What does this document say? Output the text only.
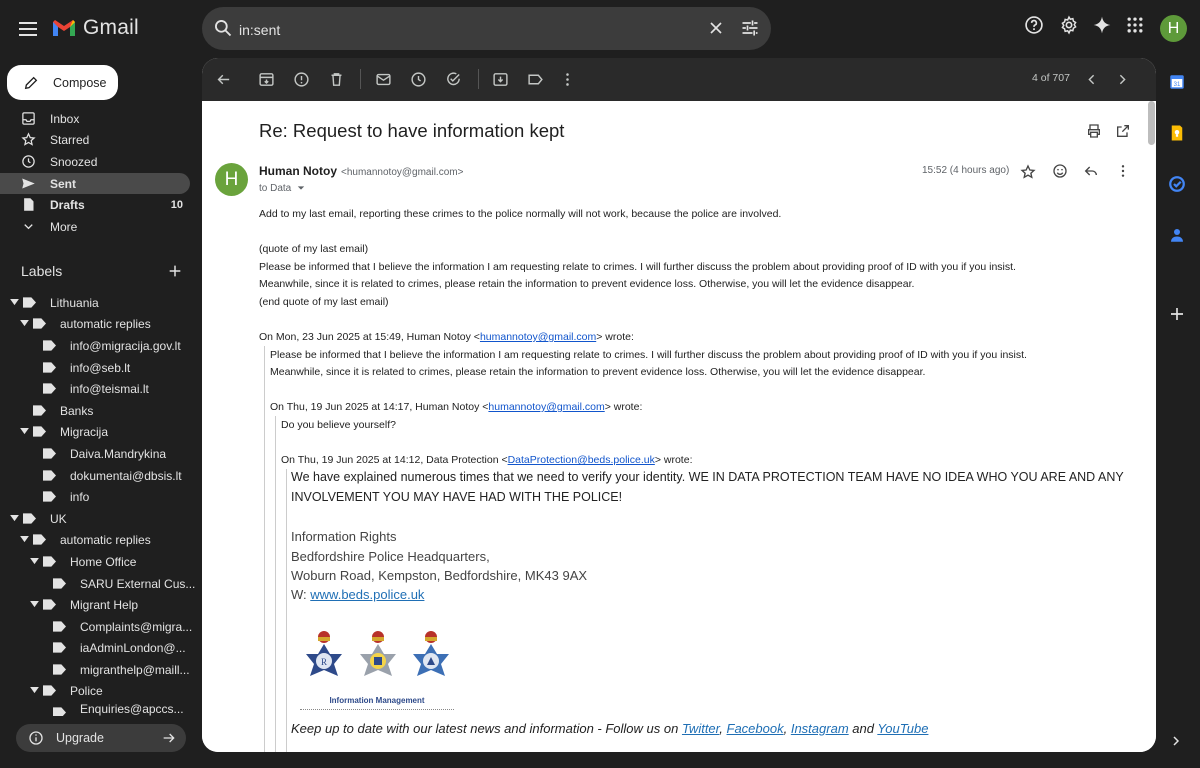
Gmail
in:sent	H
Compose
Inbox
Starred
Snoozed
Sent
Drafts	10
More
Labels
Lithuania
automatic replies
info@migracija.gov.lt
info@seb.lt
info@teismai.lt
Banks
Migracija
Daiva.Mandrykina
dokumentai@dbsis.lt
info
UK
automatic replies
Home Office
SARU External Cus...
Migrant Help
Complaints@migra...
iaAdminLondon@...
migranthelp@maill...
Police
Enquiries@apccs...
Upgrade
4 of 707
Re: Request to have information kept
H	Human Notoy <humannotoy@gmail.com>
to Data
15:52 (4 hours ago)
Add to my last email, reporting these crimes to the police normally will not work, because the police are involved.
(quote of my last email)
Please be informed that I believe the information I am requesting relate to crimes. I will further discuss the problem about providing proof of ID with you if you insist.
Meanwhile, since it is related to crimes, please retain the information to prevent evidence loss. Otherwise, you will let the evidence disappear.
(end quote of my last email)
On Mon, 23 Jun 2025 at 15:49, Human Notoy <humannotoy@gmail.com> wrote:
Please be informed that I believe the information I am requesting relate to crimes. I will further discuss the problem about providing proof of ID with you if you insist.
Meanwhile, since it is related to crimes, please retain the information to prevent evidence loss. Otherwise, you will let the evidence disappear.
On Thu, 19 Jun 2025 at 14:17, Human Notoy <humannotoy@gmail.com> wrote:
Do you believe yourself?
On Thu, 19 Jun 2025 at 14:12, Data Protection <DataProtection@beds.police.uk> wrote:
We have explained numerous times that we need to verify your identity. WE IN DATA PROTECTION TEAM HAVE NO IDEA WHO YOU ARE AND ANY
INVOLVEMENT YOU MAY HAVE HAD WITH THE POLICE!
Information Rights
Bedfordshire Police Headquarters,
Woburn Road, Kempston, Bedfordshire, MK43 9AX
W: www.beds.police.uk
R
Information Management
Keep up to date with our latest news and information - Follow us on Twitter, Facebook, Instagram and YouTube
31
